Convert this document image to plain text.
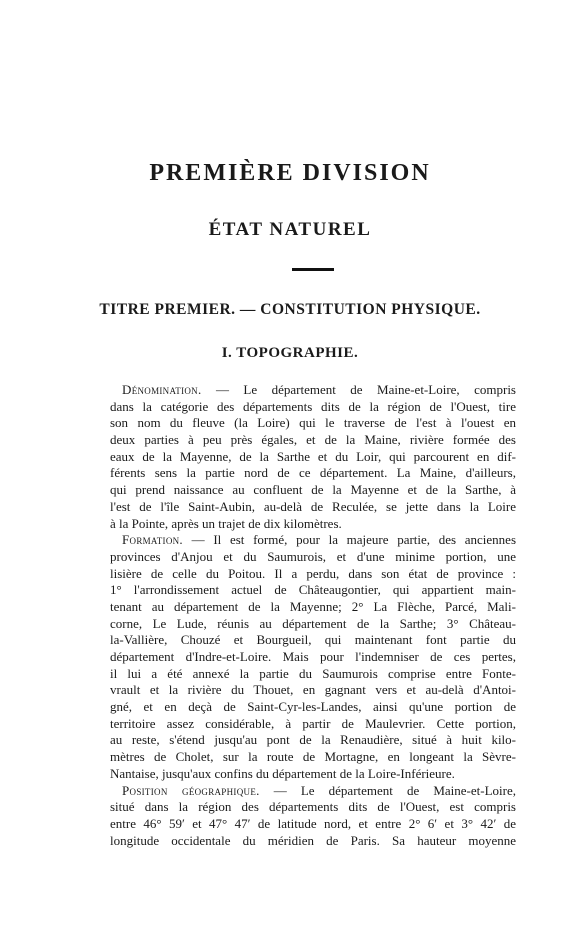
PREMIÈRE DIVISION
ÉTAT NATUREL
TITRE PREMIER. — CONSTITUTION PHYSIQUE.
I. TOPOGRAPHIE.
Dénomination. — Le département de Maine-et-Loire, compris
dans la catégorie des départements dits de la région de l'Ouest, tire
son nom du fleuve (la Loire) qui le traverse de l'est à l'ouest en
deux parties à peu près égales, et de la Maine, rivière formée des
eaux de la Mayenne, de la Sarthe et du Loir, qui parcourent en dif-
férents sens la partie nord de ce département. La Maine, d'ailleurs,
qui prend naissance au confluent de la Mayenne et de la Sarthe, à
l'est de l'île Saint-Aubin, au-delà de Reculée, se jette dans la Loire
à la Pointe, après un trajet de dix kilomètres.
Formation. — Il est formé, pour la majeure partie, des anciennes
provinces d'Anjou et du Saumurois, et d'une minime portion, une
lisière de celle du Poitou. Il a perdu, dans son état de province :
1° l'arrondissement actuel de Châteaugontier, qui appartient main-
tenant au département de la Mayenne; 2° La Flèche, Parcé, Mali-
corne, Le Lude, réunis au département de la Sarthe; 3° Château-
la-Vallière, Chouzé et Bourgueil, qui maintenant font partie du
département d'Indre-et-Loire. Mais pour l'indemniser de ces pertes,
il lui a été annexé la partie du Saumurois comprise entre Fonte-
vrault et la rivière du Thouet, en gagnant vers et au-delà d'Antoi-
gné, et en deçà de Saint-Cyr-les-Landes, ainsi qu'une portion de
territoire assez considérable, à partir de Maulevrier. Cette portion,
au reste, s'étend jusqu'au pont de la Renaudière, situé à huit kilo-
mètres de Cholet, sur la route de Mortagne, en longeant la Sèvre-
Nantaise, jusqu'aux confins du département de la Loire-Inférieure.
Position géographique. — Le département de Maine-et-Loire,
situé dans la région des départements dits de l'Ouest, est compris
entre 46° 59′ et 47° 47′ de latitude nord, et entre 2° 6′ et 3° 42′ de
longitude occidentale du méridien de Paris. Sa hauteur moyenne
